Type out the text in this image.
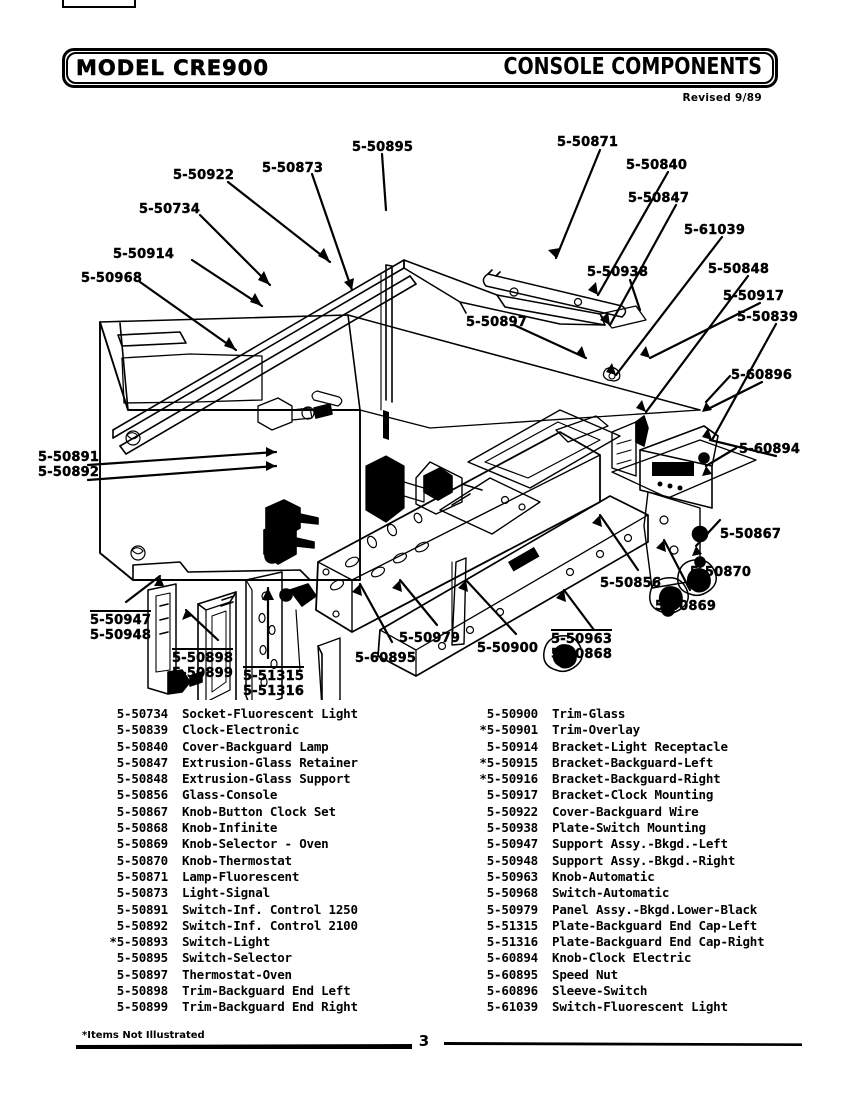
MODEL CRE900	CONSOLE COMPONENTS
Revised 9/89
5-50895	5-50871
5-50922 5-50873	5-50840
5-50734
5-50847
5-61039
5-50914
5-50938	5-50848
5-50968
5-50917
5-50839
5-50897
5-60896
5-60894
5-50867
5-50870
5-50856
5-50869
5-50979
5-50900
5-60895
5-50891
5-50892
5-50947
5-50948
5-50898
5-50899 5-51315
5-51316
5-50963
5-50868
5-50734	Socket-Fluorescent Light
5-50839	Clock-Electronic
5-50840	Cover-Backguard Lamp
5-50847	Extrusion-Glass Retainer
5-50848	Extrusion-Glass Support
5-50856	Glass-Console
5-50867	Knob-Button Clock Set
5-50868	Knob-Infinite
5-50869	Knob-Selector - Oven
5-50870	Knob-Thermostat
5-50871	Lamp-Fluorescent
5-50873	Light-Signal
5-50891	Switch-Inf. Control 1250
5-50892	Switch-Inf. Control 2100
*5-50893	Switch-Light
5-50895	Switch-Selector
5-50897	Thermostat-Oven
5-50898	Trim-Backguard End Left
5-50899	Trim-Backguard End Right
5-50900	Trim-Glass
*5-50901	Trim-Overlay
5-50914	Bracket-Light Receptacle
*5-50915	Bracket-Backguard-Left
*5-50916	Bracket-Backguard-Right
5-50917	Bracket-Clock Mounting
5-50922	Cover-Backguard Wire
5-50938	Plate-Switch Mounting
5-50947	Support Assy.-Bkgd.-Left
5-50948	Support Assy.-Bkgd.-Right
5-50963	Knob-Automatic
5-50968	Switch-Automatic
5-50979	Panel Assy.-Bkgd.Lower-Black
5-51315	Plate-Backguard End Cap-Left
5-51316	Plate-Backguard End Cap-Right
5-60894	Knob-Clock Electric
5-60895	Speed Nut
5-60896	Sleeve-Switch
5-61039	Switch-Fluorescent Light
*Items Not Illustrated	3
